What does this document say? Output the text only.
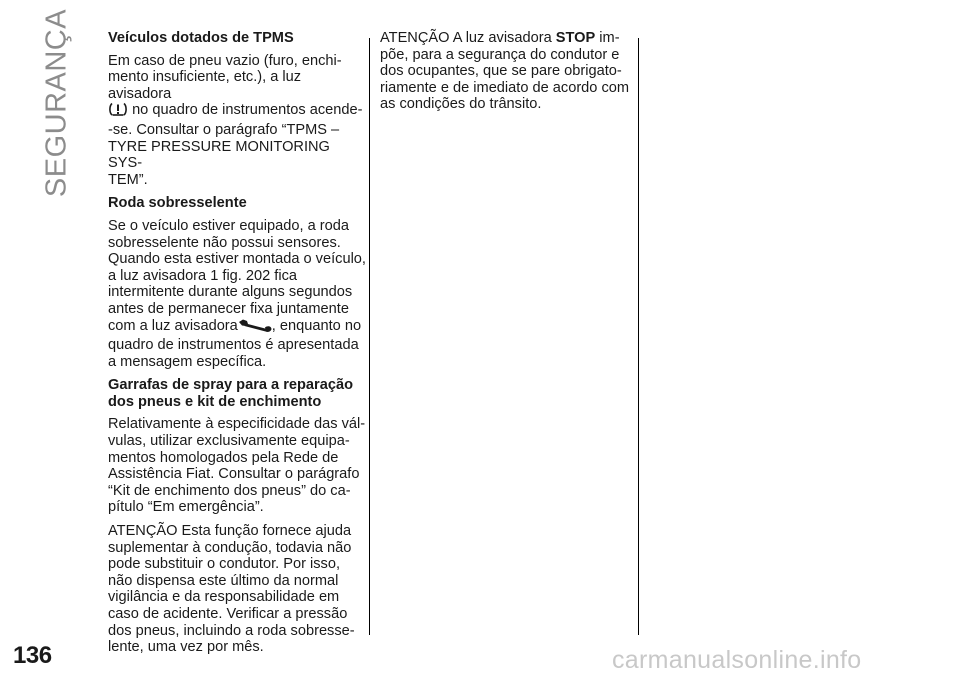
SEGURANÇA Veículos dotados de TPMS
Em caso de pneu vazio (furo, enchi-
mento insuficiente, etc.), a luz avisadora
no quadro de instrumentos acende-
-se. Consultar o parágrafo “TPMS –
TYRE PRESSURE MONITORING SYS-
TEM”.
Roda sobresselente
Se o veículo estiver equipado, a roda sobresselente não possui sensores. Quando esta estiver montada o veículo, a luz avisadora 1 fig. 202 fica intermitente durante alguns segundos antes de permanecer fixa juntamente com a luz avisadora , enquanto no quadro de instrumentos é apresentada a mensagem específica.
Garrafas de spray para a reparação dos pneus e kit de enchimento
Relativamente à especificidade das vál- vulas, utilizar exclusivamente equipa- mentos homologados pela Rede de Assistência Fiat. Consultar o parágrafo “Kit de enchimento dos pneus” do ca- pítulo “Em emergência”.
ATENÇÃO Esta função fornece ajuda suplementar à condução, todavia não pode substituir o condutor. Por isso, não dispensa este último da normal vigilância e da responsabilidade em caso de acidente. Verificar a pressão dos pneus, incluindo a roda sobresse- lente, uma vez por mês.
ATENÇÃO A luz avisadora STOP im- põe, para a segurança do condutor e dos ocupantes, que se pare obrigato- riamente e de imediato de acordo com as condições do trânsito.
136	carmanualsonline.info
